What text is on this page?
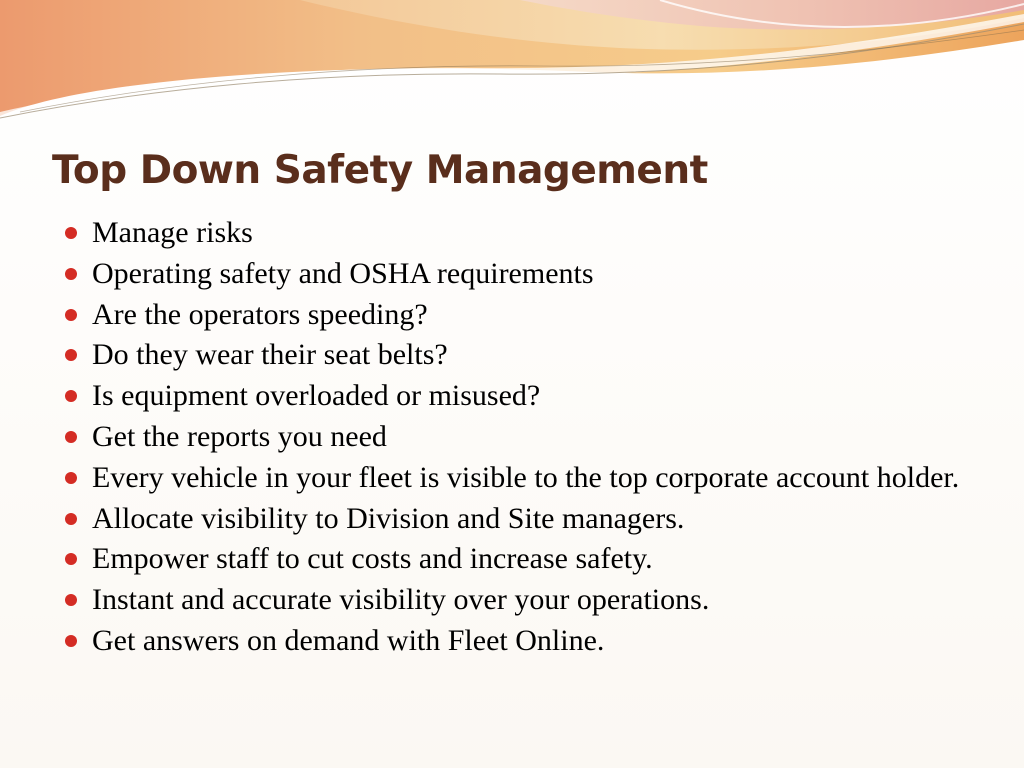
Top Down Safety Management
Manage risks
Operating safety and OSHA requirements
Are the operators speeding?
Do they wear their seat belts?
Is equipment overloaded or misused?
Get the reports you need
Every vehicle in your fleet is visible to the top corporate account holder.
Allocate visibility to Division and Site managers.
Empower staff to cut costs and increase safety.
Instant and accurate visibility over your operations.
Get answers on demand with Fleet Online.
